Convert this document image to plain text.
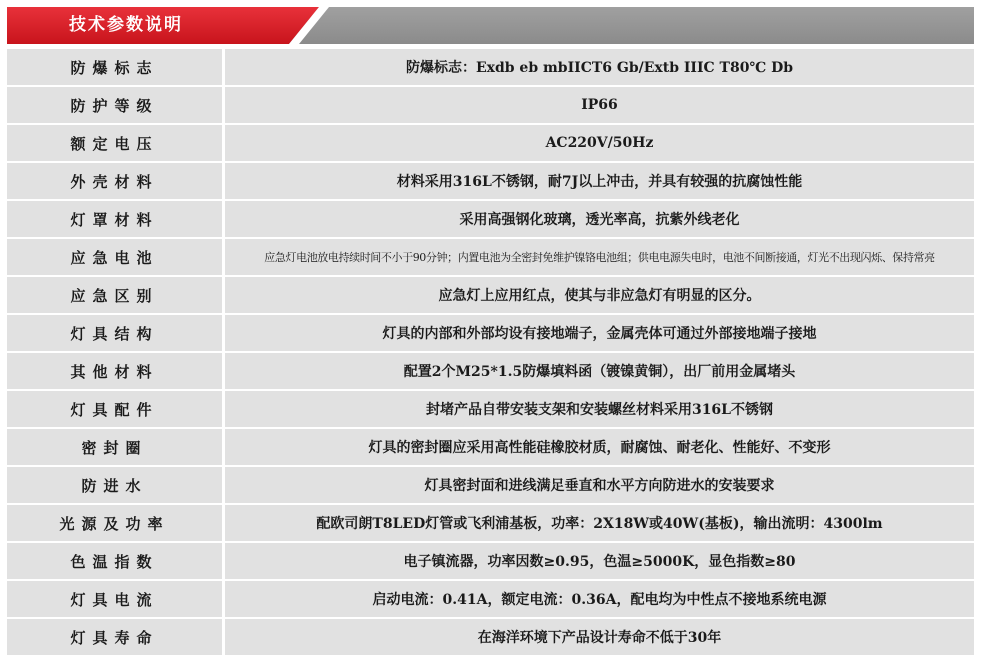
技术参数说明
防爆标志	防爆标志：Exdb eb mbIICT6 Gb/Extb IIIC T80℃ Db
防护等级	IP66
额定电压	AC220V/50Hz
外壳材料	材料采用316L不锈钢，耐7J以上冲击，并具有较强的抗腐蚀性能
灯罩材料	采用高强钢化玻璃，透光率高，抗紫外线老化
应急电池	应急灯电池放电持续时间不小于90分钟；内置电池为全密封免维护镍铬电池组；供电电源失电时，电池不间断接通，灯光不出现闪烁、保持常亮
应急区别	应急灯上应用红点，使其与非应急灯有明显的区分。
灯具结构	灯具的内部和外部均设有接地端子，金属壳体可通过外部接地端子接地
其他材料	配置2个M25*1.5防爆填料函（镀镍黄铜），出厂前用金属堵头
灯具配件	封堵产品自带安装支架和安装螺丝材料采用316L不锈钢
密封圈	灯具的密封圈应采用高性能硅橡胶材质，耐腐蚀、耐老化、性能好、不变形
防进水	灯具密封面和进线满足垂直和水平方向防进水的安装要求
光源及功率	配欧司朗T8LED灯管或飞利浦基板，功率：2X18W或40W(基板)，输出流明：4300lm
色温指数	电子镇流器，功率因数≥0.95，色温≥5000K，显色指数≥80
灯具电流	启动电流：0.41A，额定电流：0.36A，配电均为中性点不接地系统电源
灯具寿命	在海洋环境下产品设计寿命不低于30年
